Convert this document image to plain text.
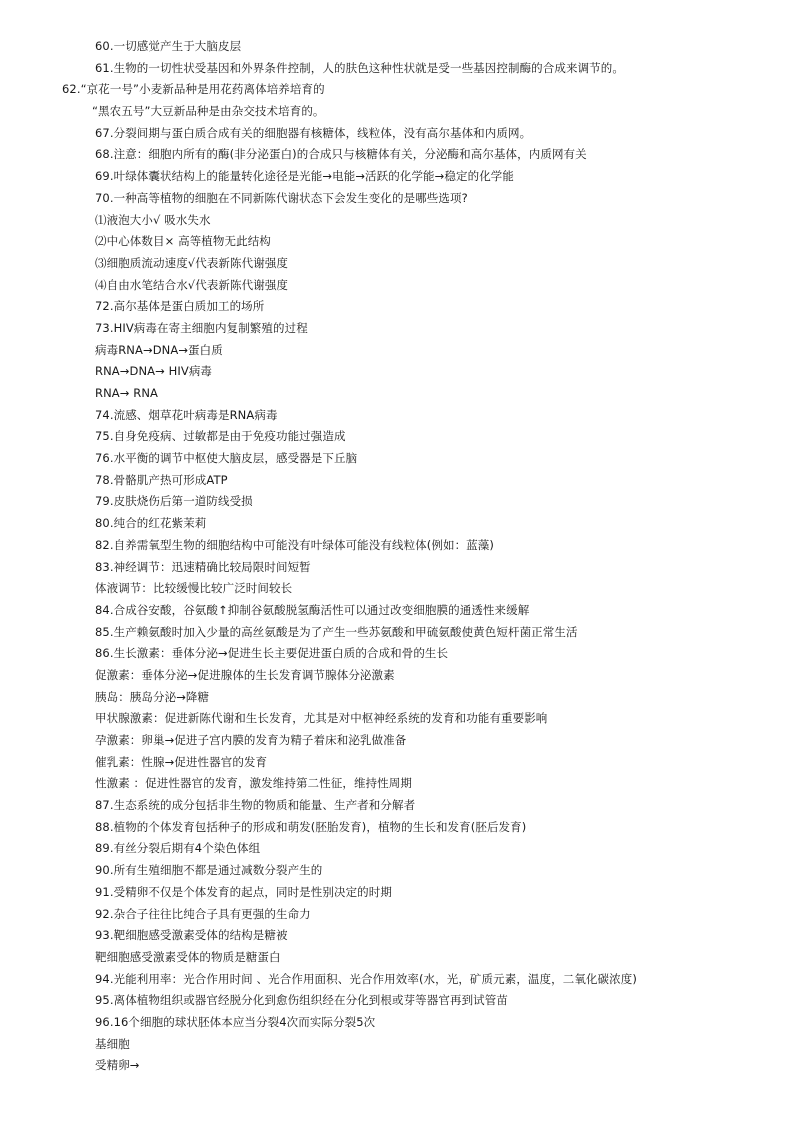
60.一切感觉产生于大脑皮层
61.生物的一切性状受基因和外界条件控制，人的肤色这种性状就是受一些基因控制酶的合成来调节的。
62.“京花一号”小麦新品种是用花药离体培养培育的
“黑农五号”大豆新品种是由杂交技术培育的。
67.分裂间期与蛋白质合成有关的细胞器有核糖体，线粒体，没有高尔基体和内质网。
68.注意：细胞内所有的酶(非分泌蛋白)的合成只与核糖体有关，分泌酶和高尔基体，内质网有关
69.叶绿体囊状结构上的能量转化途径是光能→电能→活跃的化学能→稳定的化学能
70.一种高等植物的细胞在不同新陈代谢状态下会发生变化的是哪些选项?
⑴液泡大小√ 吸水失水
⑵中心体数目× 高等植物无此结构
⑶细胞质流动速度√代表新陈代谢强度
⑷自由水笔结合水√代表新陈代谢强度
72.高尔基体是蛋白质加工的场所
73.HIV病毒在寄主细胞内复制繁殖的过程
病毒RNA→DNA→蛋白质
RNA→DNA→ HIV病毒
RNA→ RNA
74.流感、烟草花叶病毒是RNA病毒
75.自身免疫病、过敏都是由于免疫功能过强造成
76.水平衡的调节中枢使大脑皮层，感受器是下丘脑
78.骨骼肌产热可形成ATP
79.皮肤烧伤后第一道防线受损
80.纯合的红花紫茉莉
82.自养需氧型生物的细胞结构中可能没有叶绿体可能没有线粒体(例如：蓝藻)
83.神经调节：迅速精确比较局限时间短暂
体液调节：比较缓慢比较广泛时间较长
84.合成谷安酸，谷氨酸↑抑制谷氨酸脱氢酶活性可以通过改变细胞膜的通透性来缓解
85.生产赖氨酸时加入少量的高丝氨酸是为了产生一些苏氨酸和甲硫氨酸使黄色短杆菌正常生活
86.生长激素：垂体分泌→促进生长主要促进蛋白质的合成和骨的生长
促激素：垂体分泌→促进腺体的生长发育调节腺体分泌激素
胰岛：胰岛分泌→降糖
甲状腺激素：促进新陈代谢和生长发育，尤其是对中枢神经系统的发育和功能有重要影响
孕激素：卵巢→促进子宫内膜的发育为精子着床和泌乳做准备
催乳素：性腺→促进性器官的发育
性激素 ：促进性器官的发育，激发维持第二性征，维持性周期
87.生态系统的成分包括非生物的物质和能量、生产者和分解者
88.植物的个体发育包括种子的形成和萌发(胚胎发育)，植物的生长和发育(胚后发育)
89.有丝分裂后期有4个染色体组
90.所有生殖细胞不都是通过减数分裂产生的
91.受精卵不仅是个体发育的起点，同时是性别决定的时期
92.杂合子往往比纯合子具有更强的生命力
93.靶细胞感受激素受体的结构是糖被
靶细胞感受激素受体的物质是糖蛋白
94.光能利用率：光合作用时间 、光合作用面积、光合作用效率(水，光，矿质元素，温度，二氧化碳浓度)
95.离体植物组织或器官经脱分化到愈伤组织经在分化到根或芽等器官再到试管苗
96.16个细胞的球状胚体本应当分裂4次而实际分裂5次
基细胞
受精卵→
